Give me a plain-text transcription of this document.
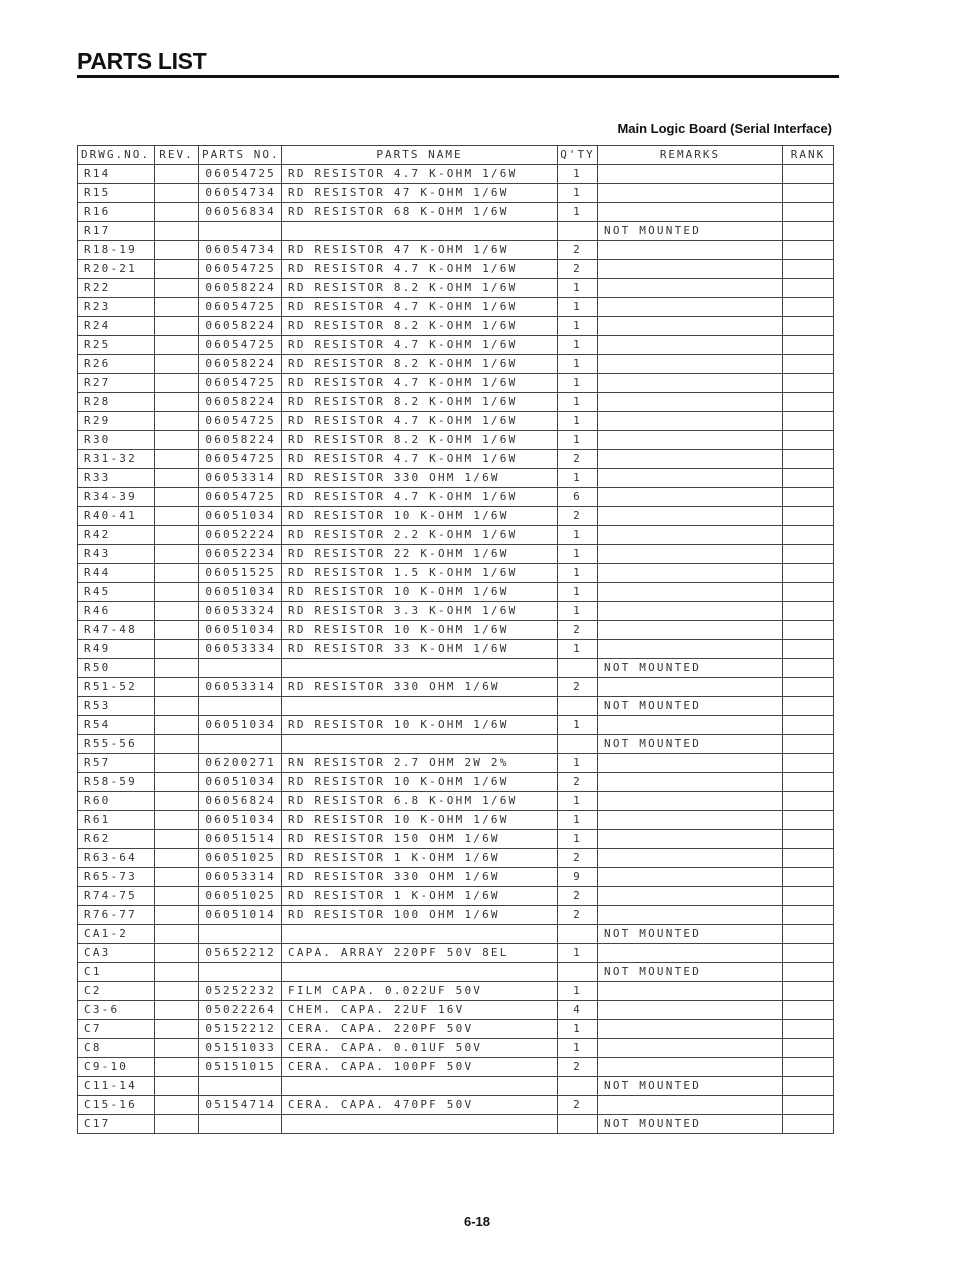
PARTS LIST
Main Logic Board (Serial Interface)
DRWG.NO.	REV.	PARTS NO.	PARTS NAME	Q'TY	REMARKS	RANK
R14		06054725	RD RESISTOR 4.7 K-OHM 1/6W	1		
R15		06054734	RD RESISTOR 47 K-OHM 1/6W	1		
R16		06056834	RD RESISTOR 68 K-OHM 1/6W	1		
R17					NOT MOUNTED	
R18-19		06054734	RD RESISTOR 47 K-OHM 1/6W	2		
R20-21		06054725	RD RESISTOR 4.7 K-OHM 1/6W	2		
R22		06058224	RD RESISTOR 8.2 K-OHM 1/6W	1		
R23		06054725	RD RESISTOR 4.7 K-OHM 1/6W	1		
R24		06058224	RD RESISTOR 8.2 K-OHM 1/6W	1		
R25		06054725	RD RESISTOR 4.7 K-OHM 1/6W	1		
R26		06058224	RD RESISTOR 8.2 K-OHM 1/6W	1		
R27		06054725	RD RESISTOR 4.7 K-OHM 1/6W	1		
R28		06058224	RD RESISTOR 8.2 K-OHM 1/6W	1		
R29		06054725	RD RESISTOR 4.7 K-OHM 1/6W	1		
R30		06058224	RD RESISTOR 8.2 K-OHM 1/6W	1		
R31-32		06054725	RD RESISTOR 4.7 K-OHM 1/6W	2		
R33		06053314	RD RESISTOR 330 OHM 1/6W	1		
R34-39		06054725	RD RESISTOR 4.7 K-OHM 1/6W	6		
R40-41		06051034	RD RESISTOR 10 K-OHM 1/6W	2		
R42		06052224	RD RESISTOR 2.2 K-OHM 1/6W	1		
R43		06052234	RD RESISTOR 22 K-OHM 1/6W	1		
R44		06051525	RD RESISTOR 1.5 K-OHM 1/6W	1		
R45		06051034	RD RESISTOR 10 K-OHM 1/6W	1		
R46		06053324	RD RESISTOR 3.3 K-OHM 1/6W	1		
R47-48		06051034	RD RESISTOR 10 K-OHM 1/6W	2		
R49		06053334	RD RESISTOR 33 K-OHM 1/6W	1		
R50					NOT MOUNTED	
R51-52		06053314	RD RESISTOR 330 OHM 1/6W	2		
R53					NOT MOUNTED	
R54		06051034	RD RESISTOR 10 K-OHM 1/6W	1		
R55-56					NOT MOUNTED	
R57		06200271	RN RESISTOR 2.7 OHM 2W 2%	1		
R58-59		06051034	RD RESISTOR 10 K-OHM 1/6W	2		
R60		06056824	RD RESISTOR 6.8 K-OHM 1/6W	1		
R61		06051034	RD RESISTOR 10 K-OHM 1/6W	1		
R62		06051514	RD RESISTOR 150 OHM 1/6W	1		
R63-64		06051025	RD RESISTOR 1 K-OHM 1/6W	2		
R65-73		06053314	RD RESISTOR 330 OHM 1/6W	9		
R74-75		06051025	RD RESISTOR 1 K-OHM 1/6W	2		
R76-77		06051014	RD RESISTOR 100 OHM 1/6W	2		
CA1-2					NOT MOUNTED	
CA3		05652212	CAPA. ARRAY 220PF 50V 8EL	1		
C1					NOT MOUNTED	
C2		05252232	FILM CAPA. 0.022UF 50V	1		
C3-6		05022264	CHEM. CAPA. 22UF 16V	4		
C7		05152212	CERA. CAPA. 220PF 50V	1		
C8		05151033	CERA. CAPA. 0.01UF 50V	1		
C9-10		05151015	CERA. CAPA. 100PF 50V	2		
C11-14					NOT MOUNTED	
C15-16		05154714	CERA. CAPA. 470PF 50V	2		
C17					NOT MOUNTED	
6-18
